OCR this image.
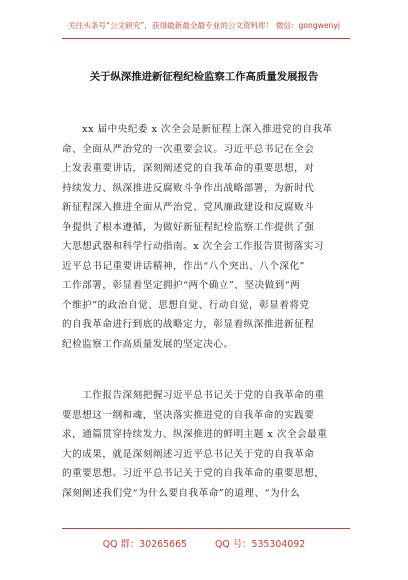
关注头条号“公文研究”，获得最新最全最专业的公文资料库！ 微信：gongwenyj
关于纵深推进新征程纪检监察工作高质量发展报告
　　xx 届中央纪委 x 次全会是新征程上深入推进党的自我革
命、全面从严治党的一次重要会议。习近平总书记在全会
上发表重要讲话，深刻阐述党的自我革命的重要思想，对
持续发力、纵深推进反腐败斗争作出战略部署，为新时代
新征程深入推进全面从严治党、党风廉政建设和反腐败斗
争提供了根本遵循，为做好新征程纪检监察工作提供了强
大思想武器和科学行动指南。x 次全会工作报告贯彻落实习
近平总书记重要讲话精神，作出“八个突出、八个深化”
工作部署，彰显着坚定拥护“两个确立”、坚决做到“两
个维护”的政治自觉、思想自觉、行动自觉，彰显着将党
的自我革命进行到底的战略定力，彰显着纵深推进新征程
纪检监察工作高质量发展的坚定决心。
　　工作报告深刻把握习近平总书记关于党的自我革命的重
要思想这一纲和魂，坚决落实推进党的自我革命的实践要
求，通篇贯穿持续发力、纵深推进的鲜明主题 x 次全会最重
大的成果，就是深刻阐述习近平总书记关于党的自我革命
的重要思想。习近平总书记关于党的自我革命的重要思想，
深刻阐述我们党“为什么要自我革命”的道理、“为什么
QQ 群：30265665	QQ 号：535304092
